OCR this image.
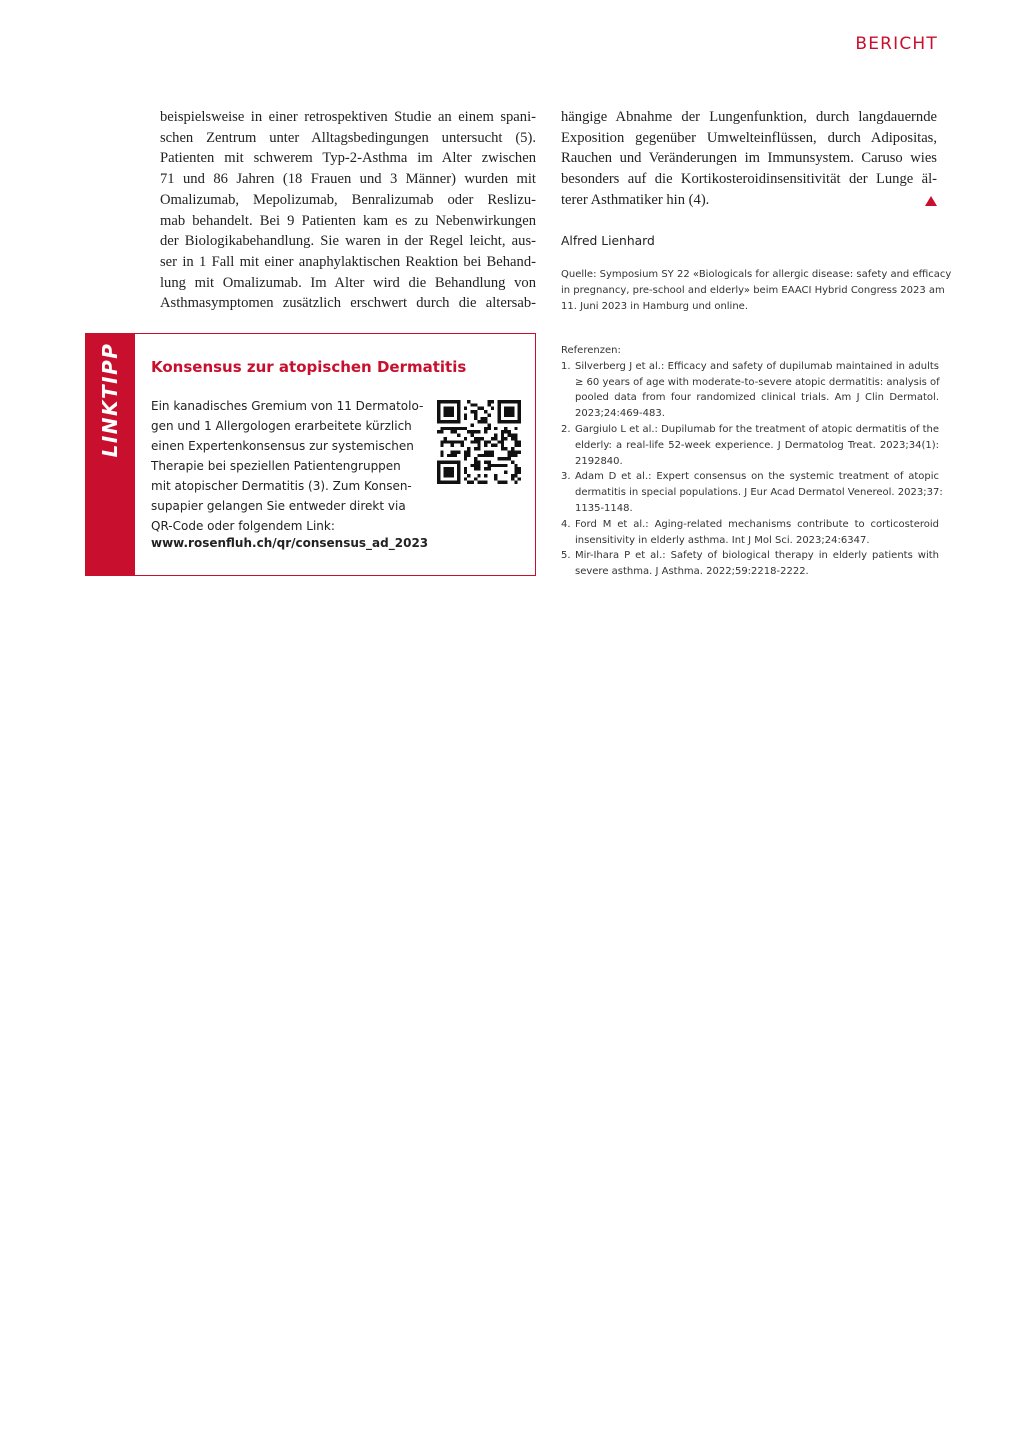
BERICHT
beispielsweise in einer retrospektiven Studie an einem spani-
schen Zentrum unter Alltagsbedingungen untersucht (5).
Patienten mit schwerem Typ-2-Asthma im Alter zwischen
71 und 86 Jahren (18 Frauen und 3 Männer) wurden mit
Omalizumab, Mepolizumab, Benralizumab oder Reslizu-
mab behandelt. Bei 9 Patienten kam es zu Nebenwirkungen
der Biologikabehandlung. Sie waren in der Regel leicht, aus-
ser in 1 Fall mit einer anaphylaktischen Reaktion bei Behand-
lung mit Omalizumab. Im Alter wird die Behandlung von
Asthmasymptomen zusätzlich erschwert durch die altersab-
hängige Abnahme der Lungenfunktion, durch langdauernde
Exposition gegenüber Umwelteinflüssen, durch Adipositas,
Rauchen und Veränderungen im Immunsystem. Caruso wies
besonders auf die Kortikosteroidinsensitivität der Lunge äl-
terer Asthmatiker hin (4).
Alfred Lienhard
Quelle: Symposium SY 22 «Biologicals for allergic disease: safety and efficacy
in pregnancy, pre-school and elderly» beim EAACI Hybrid Congress 2023 am
11. Juni 2023 in Hamburg und online.
LINKTIPP Konsensus zur atopischen Dermatitis
Ein kanadisches Gremium von 11 Dermatolo-
gen und 1 Allergologen erarbeitete kürzlich
einen Expertenkonsensus zur systemischen
Therapie bei speziellen Patientengruppen
mit atopischer Dermatitis (3). Zum Konsen-
supapier gelangen Sie entweder direkt via
QR-Code oder folgendem Link:
www.rosenfluh.ch/qr/consensus_ad_2023
Referenzen:
1. Silverberg J et al.: Efficacy and safety of dupilumab maintained in adults
≥ 60 years of age with moderate-to-severe atopic dermatitis: analysis of
pooled data from four randomized clinical trials. Am J Clin Dermatol.
2023;24:469-483.
2. Gargiulo L et al.: Dupilumab for the treatment of atopic dermatitis of the
elderly: a real-life 52-week experience. J Dermatolog Treat. 2023;34(1):
2192840.
3. Adam D et al.: Expert consensus on the systemic treatment of atopic
dermatitis in special populations. J Eur Acad Dermatol Venereol. 2023;37:
1135-1148.
4. Ford M et al.: Aging-related mechanisms contribute to corticosteroid
insensitivity in elderly asthma. Int J Mol Sci. 2023;24:6347.
5. Mir-Ihara P et al.: Safety of biological therapy in elderly patients with
severe asthma. J Asthma. 2022;59:2218-2222.
